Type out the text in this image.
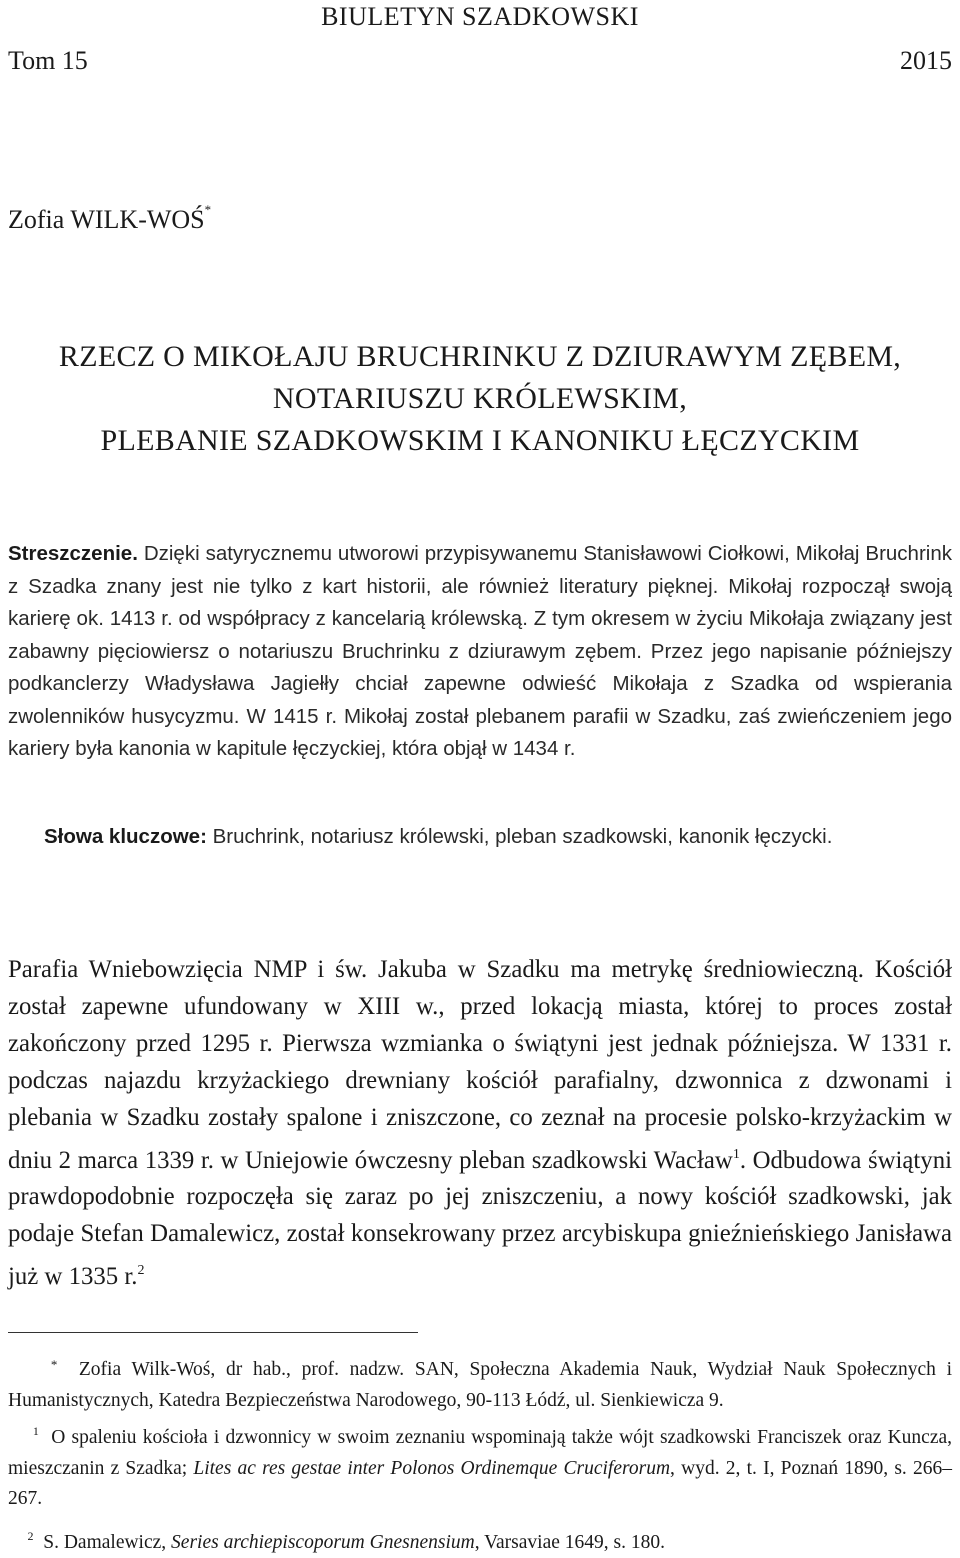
BIULETYN SZADKOWSKI
Tom 15	2015
Zofia WILK-WOŚ*
RZECZ O MIKOŁAJU BRUCHRINKU Z DZIURAWYM ZĘBEM,
NOTARIUSZU KRÓLEWSKIM,
PLEBANIE SZADKOWSKIM I KANONIKU ŁĘCZYCKIM
Streszczenie. Dzięki satyrycznemu utworowi przypisywanemu Stanisławowi Ciołkowi, Mikołaj Bruchrink z Szadka znany jest nie tylko z kart historii, ale również literatury pięknej. Mikołaj rozpoczął swoją karierę ok. 1413 r. od współpracy z kancelarią królewską. Z tym okresem w życiu Mikołaja związany jest zabawny pięciowiersz o notariuszu Bruchrinku z dziurawym zębem. Przez jego napisanie późniejszy podkanclerzy Władysława Jagiełły chciał zapewne odwieść Mikołaja z Szadka od wspierania zwolenników husycyzmu. W 1415 r. Mikołaj został plebanem parafii w Szadku, zaś zwieńczeniem jego kariery była kanonia w kapitule łęczyckiej, która objął w 1434 r.
Słowa kluczowe: Bruchrink, notariusz królewski, pleban szadkowski, kanonik łęczycki.
Parafia Wniebowzięcia NMP i św. Jakuba w Szadku ma metrykę średniowieczną. Kościół został zapewne ufundowany w XIII w., przed lokacją miasta, której to proces został zakończony przed 1295 r. Pierwsza wzmianka o świątyni jest jednak późniejsza. W 1331 r. podczas najazdu krzyżackiego drewniany kościół parafialny, dzwonnica z dzwonami i plebania w Szadku zostały spalone i zniszczone, co zeznał na procesie polsko-krzyżackim w dniu 2 marca 1339 r. w Uniejowie ówczesny pleban szadkowski Wacław$^1$. Odbudowa świątyni prawdopodobnie rozpoczęła się zaraz po jej zniszczeniu, a nowy kościół szadkowski, jak podaje Stefan Damalewicz, został konsekrowany przez arcybiskupa gnieźnieńskiego Janisława już w 1335 r.$^2$

* Zofia Wilk-Woś, dr hab., prof. nadzw. SAN, Społeczna Akademia Nauk, Wydział Nauk Społecznych i Humanistycznych, Katedra Bezpieczeństwa Narodowego, 90-113 Łódź, ul. Sienkiewicza 9.

$^1$ O spaleniu kościoła i dzwonnicy w swoim zeznaniu wspominają także wójt szadkowski Franciszek oraz Kuncza, mieszczanin z Szadka; Lites ac res gestae inter Polonos Ordinemque Cruciferorum, wyd. 2, t. I, Poznań 1890, s. 266–267.

$^2$ S. Damalewicz, Series archiepiscoporum Gnesnensium, Varsaviae 1649, s. 180.
